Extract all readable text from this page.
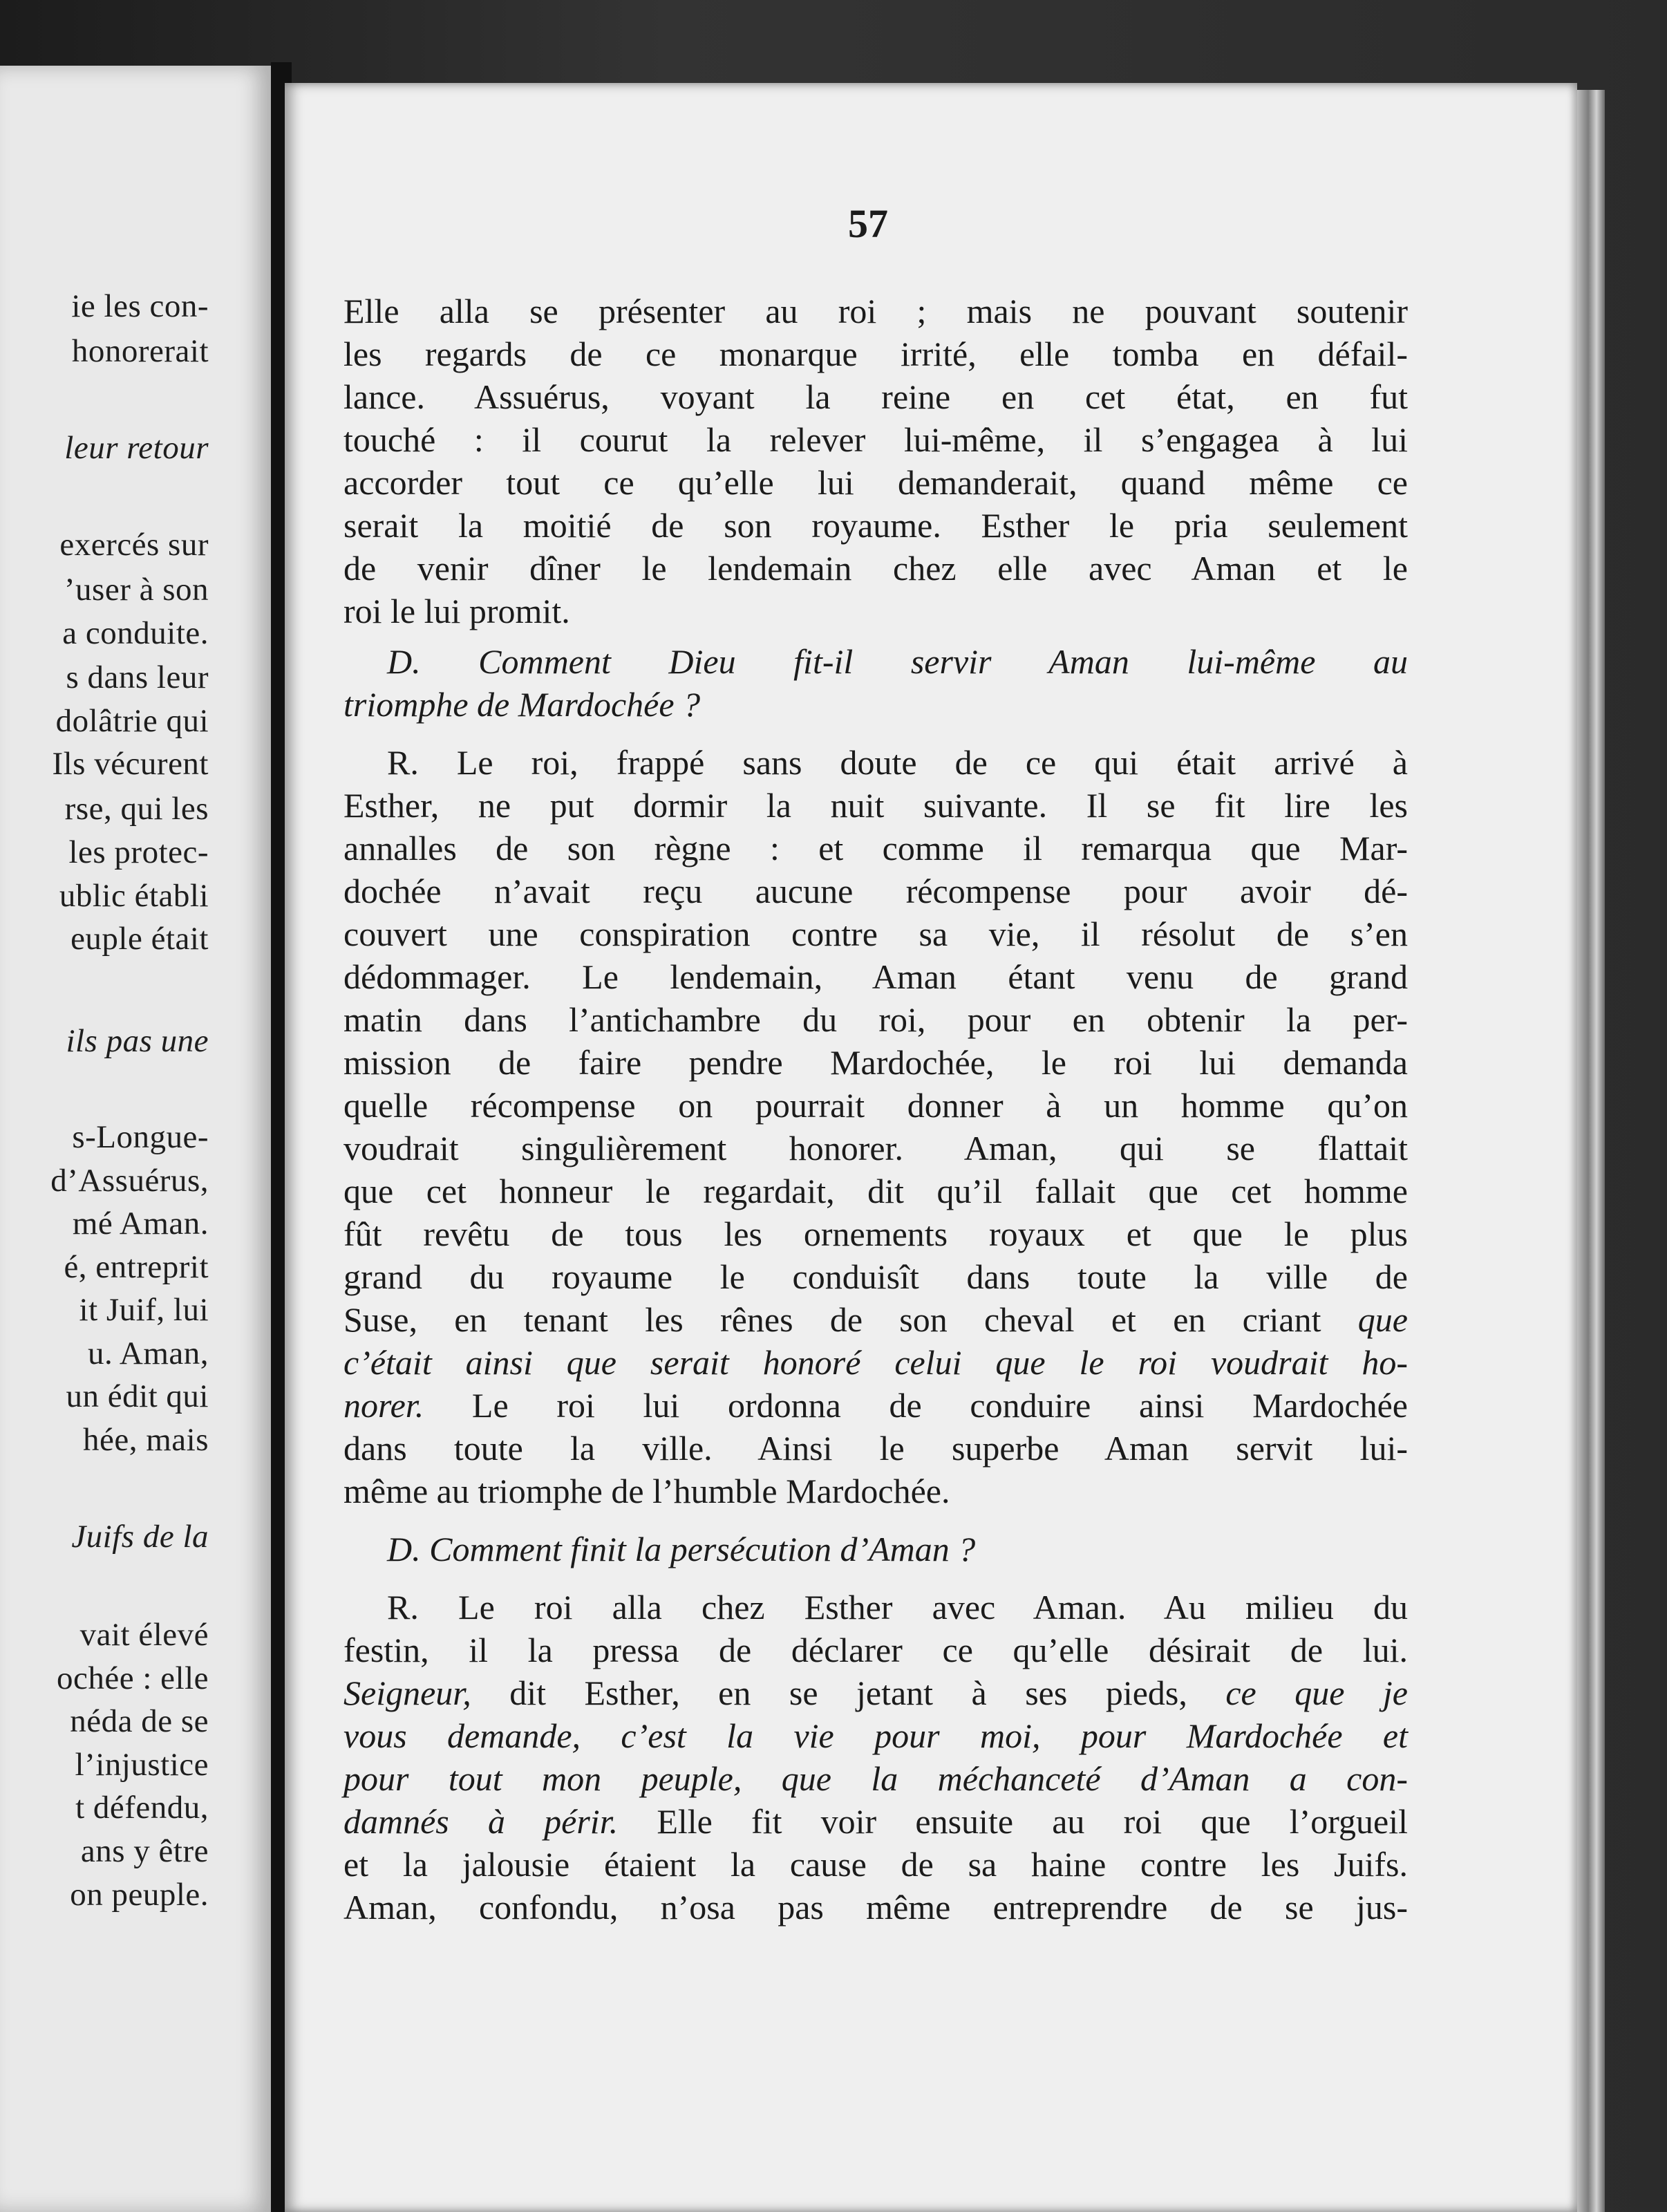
ie les con-
honorerait
leur retour
exercés sur
’user à son
a conduite.
s dans leur
dolâtrie qui
Ils vécurent
rse, qui les
les protec-
ublic établi
euple était
ils pas une
s-Longue-
d’Assuérus,
mé Aman.
é, entreprit
it Juif, lui
u. Aman,
un édit qui
hée, mais
Juifs de la
vait élevé
ochée : elle
néda de se
l’injustice
t défendu,
ans y être
on peuple.
57
Elle alla se présenter au roi ; mais ne pouvant soutenir
les regards de ce monarque irrité, elle tomba en défail-
lance. Assuérus, voyant la reine en cet état, en fut
touché : il courut la relever lui-même, il s’engagea à lui
accorder tout ce qu’elle lui demanderait, quand même ce
serait la moitié de son royaume. Esther le pria seulement
de venir dîner le lendemain chez elle avec Aman et le
roi le lui promit.
D. Comment Dieu fit-il servir Aman lui-même au
triomphe de Mardochée ?
R. Le roi, frappé sans doute de ce qui était arrivé à
Esther, ne put dormir la nuit suivante. Il se fit lire les
annalles de son règne : et comme il remarqua que Mar-
dochée n’avait reçu aucune récompense pour avoir dé-
couvert une conspiration contre sa vie, il résolut de s’en
dédommager. Le lendemain, Aman étant venu de grand
matin dans l’antichambre du roi, pour en obtenir la per-
mission de faire pendre Mardochée, le roi lui demanda
quelle récompense on pourrait donner à un homme qu’on
voudrait singulièrement honorer. Aman, qui se flattait
que cet honneur le regardait, dit qu’il fallait que cet homme
fût revêtu de tous les ornements royaux et que le plus
grand du royaume le conduisît dans toute la ville de
Suse, en tenant les rênes de son cheval et en criant que
c’était ainsi que serait honoré celui que le roi voudrait ho-
norer. Le roi lui ordonna de conduire ainsi Mardochée
dans toute la ville. Ainsi le superbe Aman servit lui-
même au triomphe de l’humble Mardochée.
D. Comment finit la persécution d’Aman ?
R. Le roi alla chez Esther avec Aman. Au milieu du
festin, il la pressa de déclarer ce qu’elle désirait de lui.
Seigneur, dit Esther, en se jetant à ses pieds, ce que je
vous demande, c’est la vie pour moi, pour Mardochée et
pour tout mon peuple, que la méchanceté d’Aman a con-
damnés à périr. Elle fit voir ensuite au roi que l’orgueil
et la jalousie étaient la cause de sa haine contre les Juifs.
Aman, confondu, n’osa pas même entreprendre de se jus-
